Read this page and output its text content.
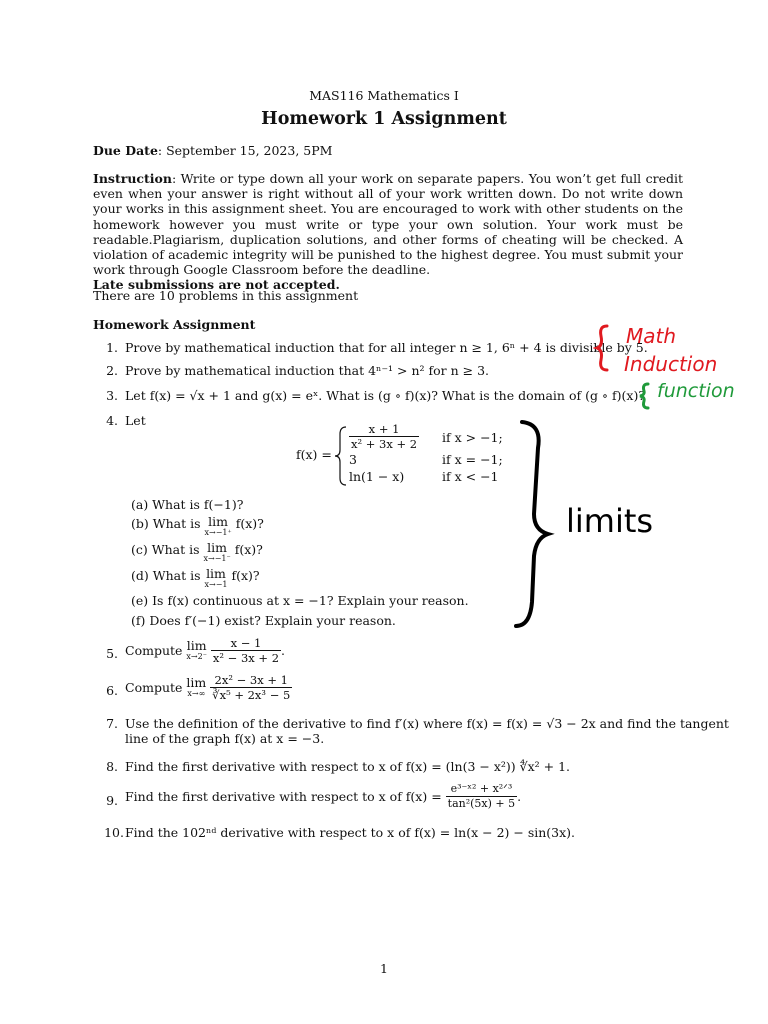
MAS116 Mathematics I
Homework 1 Assignment
Due Date: September 15, 2023, 5PM
Instruction: Write or type down all your work on separate papers. You won’t get full credit even when your answer is right without all of your work written down. Do not write down your works in this assignment sheet. You are encouraged to work with other students on the homework however you must write or type your own solution. Your work must be readable.Plagiarism, duplication solutions, and other forms of cheating will be checked. A violation of academic integrity will be punished to the highest degree. You must submit your work through Google Classroom before the deadline.
Late submissions are not accepted.
There are 10 problems in this assignment
Homework Assignment
1. Prove by mathematical induction that for all integer n ≥ 1, 6ⁿ + 4 is divisible by 5.
2. Prove by mathematical induction that 4ⁿ⁻¹ > n² for n ≥ 3.
3. Let f(x) = √x + 1 and g(x) = eˣ. What is (g ∘ f)(x)? What is the domain of (g ∘ f)(x)?
4. Let
f(x) =
$\frac{x + 1}{\text{x² + 3x + 2}}$ if x > −1;
3	if x = −1;
ln(1 − x)	if x < −1
(a) What is f(−1)?
(b) What is lim
x→−1⁺
f(x)?
(c) What is lim
x→−1⁻
f(x)?
(d) What is lim
x→−1
f(x)?
(e) Is f(x) continuous at x = −1? Explain your reason.
(f) Does f′(−1) exist? Explain your reason.
5. Compute lim
x→2⁻
$\frac{x - 1}{\text{x² − 3x + 2}}$ .
6. Compute lim
x→∞
$\frac{\text{2x² − 3x + 1}}{\text{∛x⁵ + 2x³ − 5}}$
7. Use the definition of the derivative to find f′(x) where f(x) = f(x) = √3 − 2x and find the tangent
line of the graph f(x) at x = −3.
8. Find the first derivative with respect to x of f(x) = (ln(3 − x²)) ∜x² + 1.
9. Find the first derivative with respect to x of $f(x) = \frac{\text{e³⁻ˣ² + x²ᐟ³}}{\text{tan²(5x) + 5}}$ .
10. Find the 102ⁿᵈ derivative with respect to x of f(x) = ln(x − 2) − sin(3x).
Math
Induction
function
limits
1
